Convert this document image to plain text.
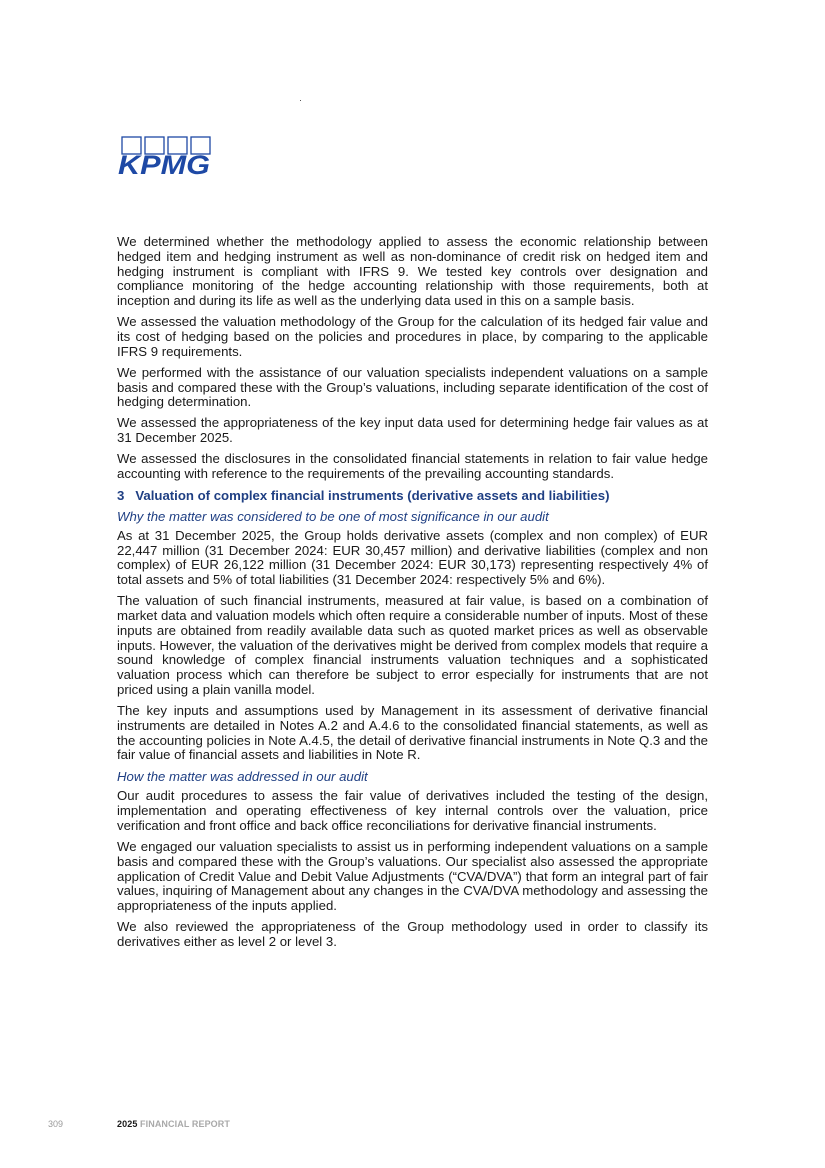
KPMG

We determined whether the methodology applied to assess the economic relationship between hedged item and hedging instrument as well as non-dominance of credit risk on hedged item and hedging instrument is compliant with IFRS 9. We tested key controls over designation and compliance monitoring of the hedge accounting relationship with those requirements, both at inception and during its life as well as the underlying data used in this on a sample basis.

We assessed the valuation methodology of the Group for the calculation of its hedged fair value and its cost of hedging based on the policies and procedures in place, by comparing to the applicable IFRS 9 requirements.

We performed with the assistance of our valuation specialists independent valuations on a sample basis and compared these with the Group’s valuations, including separate identification of the cost of hedging determination.

We assessed the appropriateness of the key input data used for determining hedge fair values as at 31 December 2025.

We assessed the disclosures in the consolidated financial statements in relation to fair value hedge accounting with reference to the requirements of the prevailing accounting standards.

3   Valuation of complex financial instruments (derivative assets and liabilities)
Why the matter was considered to be one of most significance in our audit

As at 31 December 2025, the Group holds derivative assets (complex and non complex) of EUR 22,447 million (31 December 2024: EUR 30,457 million) and derivative liabilities (complex and non complex) of EUR 26,122 million (31 December 2024: EUR 30,173) representing respectively 4% of total assets and 5% of total liabilities (31 December 2024: respectively 5% and 6%).

The valuation of such financial instruments, measured at fair value, is based on a combination of market data and valuation models which often require a considerable number of inputs. Most of these inputs are obtained from readily available data such as quoted market prices as well as observable inputs. However, the valuation of the derivatives might be derived from complex models that require a sound knowledge of complex financial instruments valuation techniques and a sophisticated valuation process which can therefore be subject to error especially for instruments that are not priced using a plain vanilla model.

The key inputs and assumptions used by Management in its assessment of derivative financial instruments are detailed in Notes A.2 and A.4.6 to the consolidated financial statements, as well as the accounting policies in Note A.4.5, the detail of derivative financial instruments in Note Q.3 and the fair value of financial assets and liabilities in Note R.

How the matter was addressed in our audit

Our audit procedures to assess the fair value of derivatives included the testing of the design, implementation and operating effectiveness of key internal controls over the valuation, price verification and front office and back office reconciliations for derivative financial instruments.

We engaged our valuation specialists to assist us in performing independent valuations on a sample basis and compared these with the Group’s valuations. Our specialist also assessed the appropriate application of Credit Value and Debit Value Adjustments (“CVA/DVA”) that form an integral part of fair values, inquiring of Management about any changes in the CVA/DVA methodology and assessing the appropriateness of the inputs applied.

We also reviewed the appropriateness of the Group methodology used in order to classify its derivatives either as level 2 or level 3.

309	2025 FINANCIAL REPORT
